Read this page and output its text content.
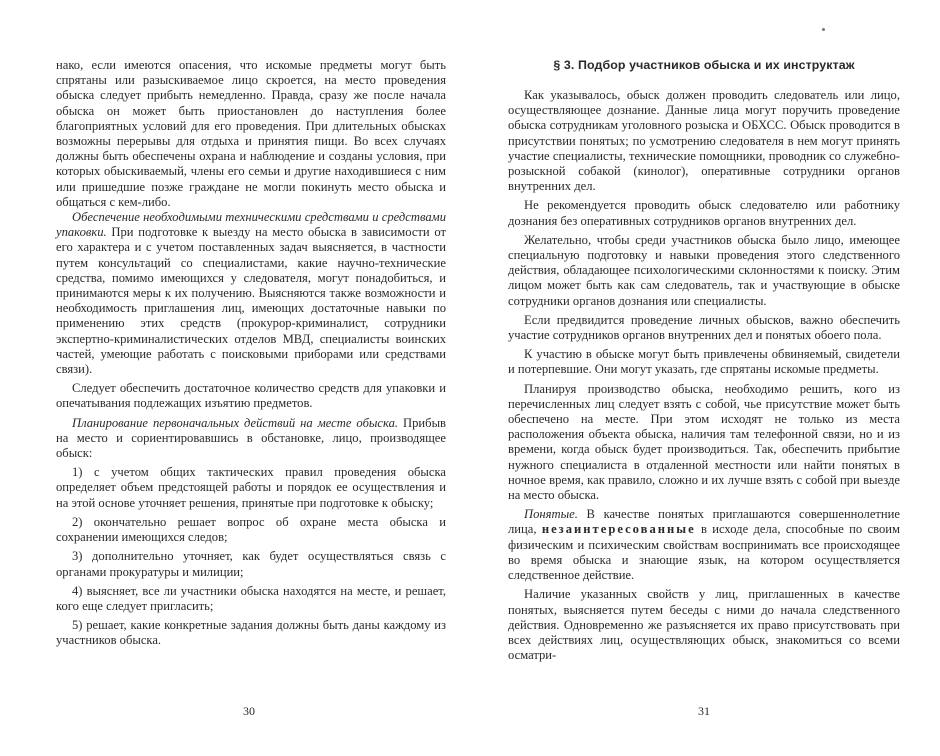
нако, если имеются опасения, что искомые предметы могут быть спрятаны или разыскиваемое лицо скроется, на место проведения обыска следует прибыть немедленно. Правда, сразу же после начала обыска он может быть приостановлен до наступления более благоприятных условий для его проведения. При длительных обысках возможны перерывы для отдыха и принятия пищи. Во всех случаях должны быть обеспечены охрана и наблюдение и созданы условия, при которых обыскиваемый, члены его семьи и другие находившиеся с ним или пришедшие позже граждане не могли покинуть место обыска и общаться с кем-либо.

Обеспечение необходимыми техническими средствами и средствами упаковки. При подготовке к выезду на место обыска в зависимости от его характера и с учетом поставленных задач выясняется, в частности путем консультаций со специалистами, какие научно-технические средства, помимо имеющихся у следователя, могут понадобиться, и принимаются меры к их получению. Выясняются также возможности и необходимость приглашения лиц, имеющих достаточные навыки по применению этих средств (прокурор-криминалист, сотрудники экспертно-криминалистических отделов МВД, специалисты воинских частей, умеющие работать с поисковыми приборами или средствами связи).

Следует обеспечить достаточное количество средств для упаковки и опечатывания подлежащих изъятию предметов.

Планирование первоначальных действий на месте обыска. Прибыв на место и сориентировавшись в обстановке, лицо, производящее обыск:

1) с учетом общих тактических правил проведения обыска определяет объем предстоящей работы и порядок ее осуществления и на этой основе уточняет решения, принятые при подготовке к обыску;

2) окончательно решает вопрос об охране места обыска и сохранении имеющихся следов;

3) дополнительно уточняет, как будет осуществляться связь с органами прокуратуры и милиции;

4) выясняет, все ли участники обыска находятся на месте, и решает, кого еще следует пригласить;

5) решает, какие конкретные задания должны быть даны каждому из участников обыска.

30
§ 3. Подбор участников обыска и их инструктаж

Как указывалось, обыск должен проводить следователь или лицо, осуществляющее дознание. Данные лица могут поручить проведение обыска сотрудникам уголовного розыска и ОБХСС. Обыск проводится в присутствии понятых; по усмотрению следователя в нем могут принять участие специалисты, технические помощники, проводник со служебно-розыскной собакой (кинолог), оперативные сотрудники органов внутренних дел.

Не рекомендуется проводить обыск следователю или работнику дознания без оперативных сотрудников органов внутренних дел.

Желательно, чтобы среди участников обыска было лицо, имеющее специальную подготовку и навыки проведения этого следственного действия, обладающее психологическими склонностями к поиску. Этим лицом может быть как сам следователь, так и участвующие в обыске сотрудники органов дознания или специалисты.

Если предвидится проведение личных обысков, важно обеспечить участие сотрудников органов внутренних дел и понятых обоего пола.

К участию в обыске могут быть привлечены обвиняемый, свидетели и потерпевшие. Они могут указать, где спрятаны искомые предметы.

Планируя производство обыска, необходимо решить, кого из перечисленных лиц следует взять с собой, чье присутствие может быть обеспечено на месте. При этом исходят не только из места расположения объекта обыска, наличия там телефонной связи, но и из времени, когда обыск будет производиться. Так, обеспечить прибытие нужного специалиста в отдаленной местности или найти понятых в ночное время, как правило, сложно и их лучше взять с собой при выезде на место обыска.

Понятые. В качестве понятых приглашаются совершеннолетние лица, незаинтересованные в исходе дела, способные по своим физическим и психическим свойствам воспринимать все происходящее во время обыска и знающие язык, на котором осуществляется следственное действие.

Наличие указанных свойств у лиц, приглашенных в качестве понятых, выясняется путем беседы с ними до начала следственного действия. Одновременно же разъясняется их право присутствовать при всех действиях лиц, осуществляющих обыск, знакомиться со всеми осматри-

31
